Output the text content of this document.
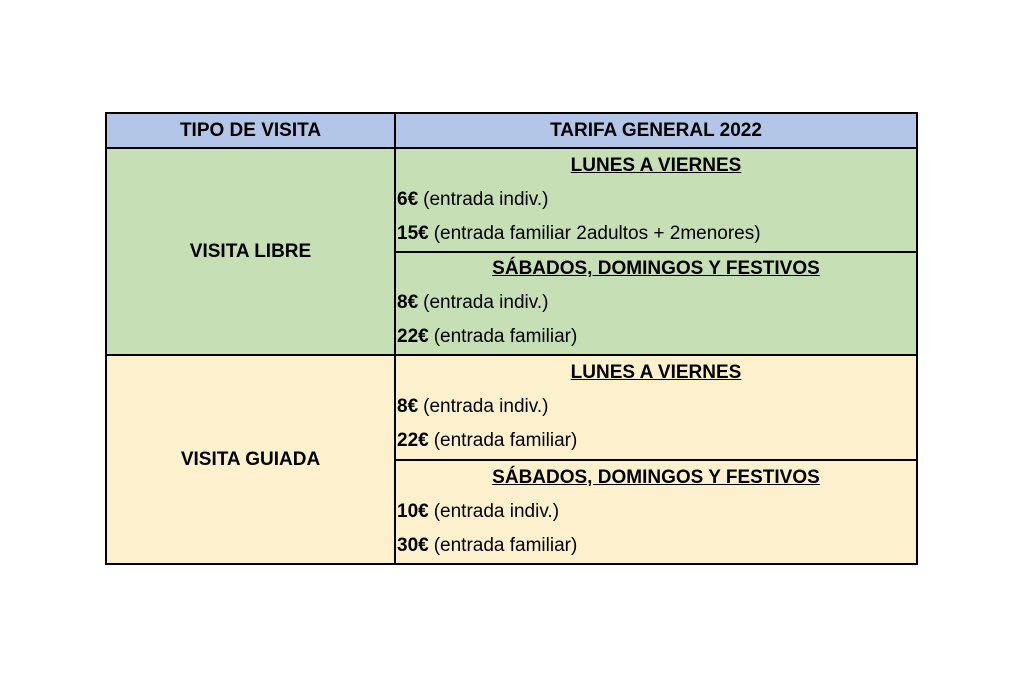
TIPO DE VISITA	TARIFA GENERAL 2022
VISITA LIBRE
LUNES A VIERNES
6€ (entrada indiv.)
15€ (entrada familiar 2adultos + 2menores)
SÁBADOS, DOMINGOS Y FESTIVOS
8€ (entrada indiv.)
22€ (entrada familiar)
VISITA GUIADA
LUNES A VIERNES
8€ (entrada indiv.)
22€ (entrada familiar)
SÁBADOS, DOMINGOS Y FESTIVOS
10€ (entrada indiv.)
30€ (entrada familiar)
